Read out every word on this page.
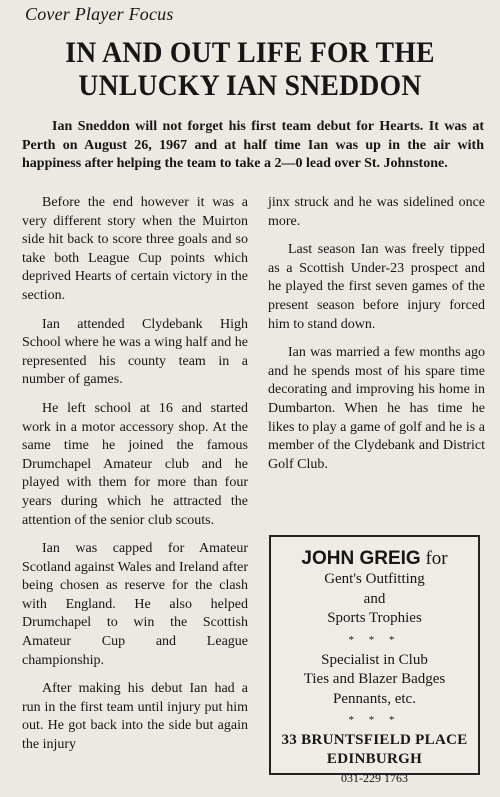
Cover Player Focus
IN AND OUT LIFE FOR THE
UNLUCKY IAN SNEDDON
Ian Sneddon will not forget his first team debut for Hearts. It was at Perth on August 26, 1967 and at half time Ian was up in the air with happiness after helping the team to take a 2—0 lead over St. Johnstone.

Before the end however it was a very different story when the Muirton side hit back to score three goals and so take both League Cup points which deprived Hearts of certain victory in the section.

Ian attended Clydebank High School where he was a wing half and he represented his county team in a number of games.

He left school at 16 and started work in a motor accessory shop. At the same time he joined the famous Drumchapel Amateur club and he played with them for more than four years during which he attracted the attention of the senior club scouts.

Ian was capped for Amateur Scotland against Wales and Ireland after being chosen as reserve for the clash with England. He also helped Drumchapel to win the Scottish Amateur Cup and League championship.

After making his debut Ian had a run in the first team until injury put him out. He got back into the side but again the injury

jinx struck and he was sidelined once more.

Last season Ian was freely tipped as a Scottish Under-23 prospect and he played the first seven games of the present season before injury forced him to stand down.

Ian was married a few months ago and he spends most of his spare time decorating and improving his home in Dumbarton. When he has time he likes to play a game of golf and he is a member of the Clydebank and District Golf Club.

JOHN GREIG for
Gent's Outfitting
and
Sports Trophies
* * *
Specialist in Club
Ties and Blazer Badges
Pennants, etc.
* * *
33 BRUNTSFIELD PLACE
EDINBURGH
031-229 1763
